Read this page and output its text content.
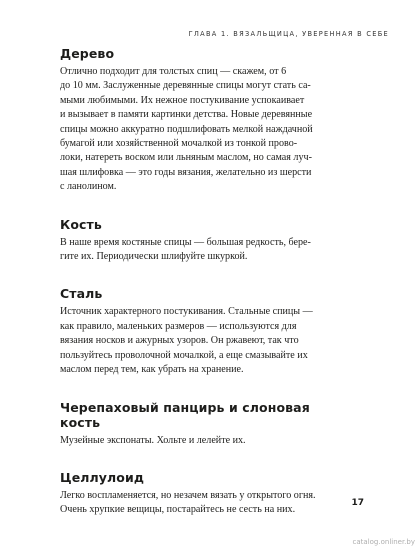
ГЛАВА 1. ВЯЗАЛЬЩИЦА, УВЕРЕННАЯ В СЕБЕ
Дерево

Отлично подходит для толстых спиц — скажем, от 6
до 10 мм. Заслуженные деревянные спицы могут стать са-
мыми любимыми. Их нежное постукивание успокаивает
и вызывает в памяти картинки детства. Новые деревянные
спицы можно аккуратно подшлифовать мелкой наждачной
бумагой или хозяйственной мочалкой из тонкой прово-
локи, натереть воском или льняным маслом, но самая луч-
шая шлифовка — это годы вязания, желательно из шерсти
с ланолином.

Кость

В наше время костяные спицы — большая редкость, бере-
гите их. Периодически шлифуйте шкуркой.

Сталь

Источник характерного постукивания. Стальные спицы —
как правило, маленьких размеров — используются для
вязания носков и ажурных узоров. Он ржавеют, так что
пользуйтесь проволочной мочалкой, а еще смазывайте их
маслом перед тем, как убрать на хранение.

Черепаховый панцирь и слоновая кость

Музейные экспонаты. Хольте и лелейте их.

Целлулоид

Легко воспламеняется, но незачем вязать у открытого огня.
Очень хрупкие вещицы, постарайтесь не сесть на них.

17
catalog.onliner.by
